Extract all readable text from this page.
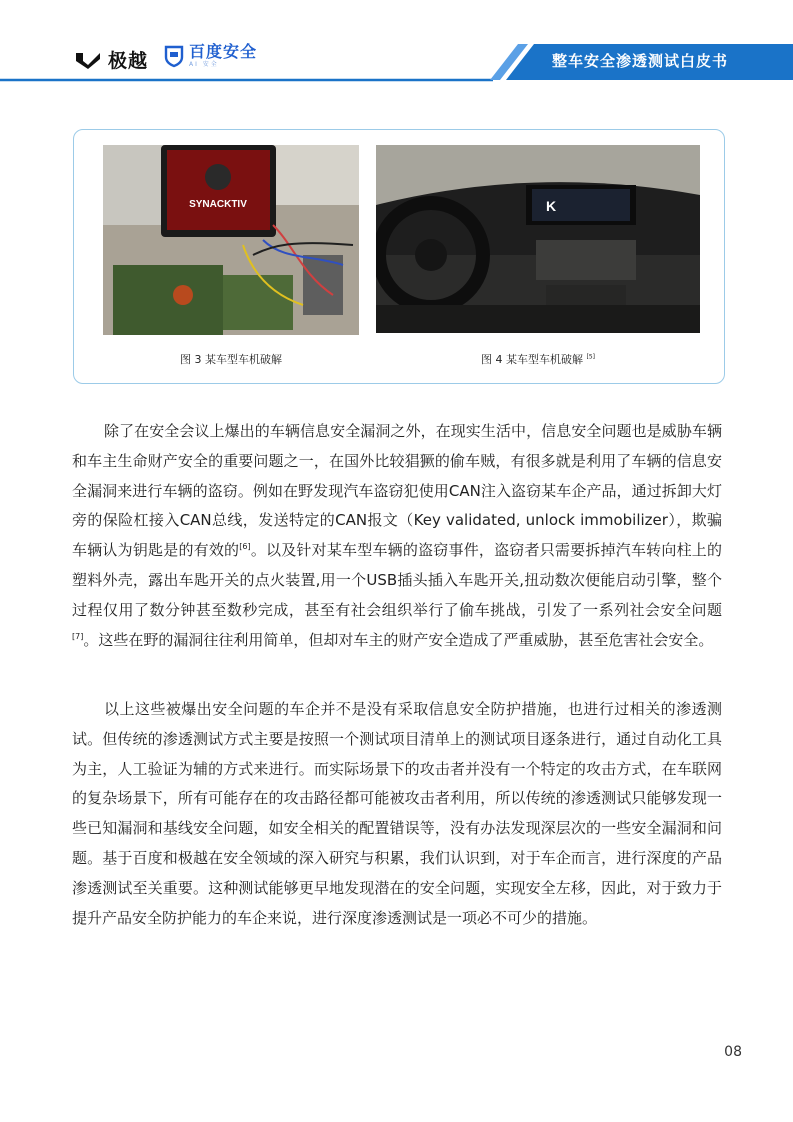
极越	百度安全
AI 安全	整车安全渗透测试白皮书
SYNACKTIV	K
图 3 某车型车机破解	图 4 某车型车机破解 [5]

除了在安全会议上爆出的车辆信息安全漏洞之外，在现实生活中，信息安全问题也是威胁车辆和车主生命财产安全的重要问题之一，在国外比较猖獗的偷车贼，有很多就是利用了车辆的信息安全漏洞来进行车辆的盗窃。例如在野发现汽车盗窃犯使用CAN注入盗窃某车企产品，通过拆卸大灯旁的保险杠接入CAN总线，发送特定的CAN报文（Key validated, unlock immobilizer），欺骗车辆认为钥匙是的有效的[6]。以及针对某车型车辆的盗窃事件，盗窃者只需要拆掉汽车转向柱上的塑料外壳，露出车匙开关的点火装置,用一个USB插头插入车匙开关,扭动数次便能启动引擎，整个过程仅用了数分钟甚至数秒完成，甚至有社会组织举行了偷车挑战，引发了一系列社会安全问题[7]。这些在野的漏洞往往利用简单，但却对车主的财产安全造成了严重威胁，甚至危害社会安全。

以上这些被爆出安全问题的车企并不是没有采取信息安全防护措施，也进行过相关的渗透测试。但传统的渗透测试方式主要是按照一个测试项目清单上的测试项目逐条进行，通过自动化工具为主，人工验证为辅的方式来进行。而实际场景下的攻击者并没有一个特定的攻击方式，在车联网的复杂场景下，所有可能存在的攻击路径都可能被攻击者利用，所以传统的渗透测试只能够发现一些已知漏洞和基线安全问题，如安全相关的配置错误等，没有办法发现深层次的一些安全漏洞和问题。基于百度和极越在安全领域的深入研究与积累，我们认识到，对于车企而言，进行深度的产品渗透测试至关重要。这种测试能够更早地发现潜在的安全问题，实现安全左移，因此，对于致力于提升产品安全防护能力的车企来说，进行深度渗透测试是一项必不可少的措施。

08
